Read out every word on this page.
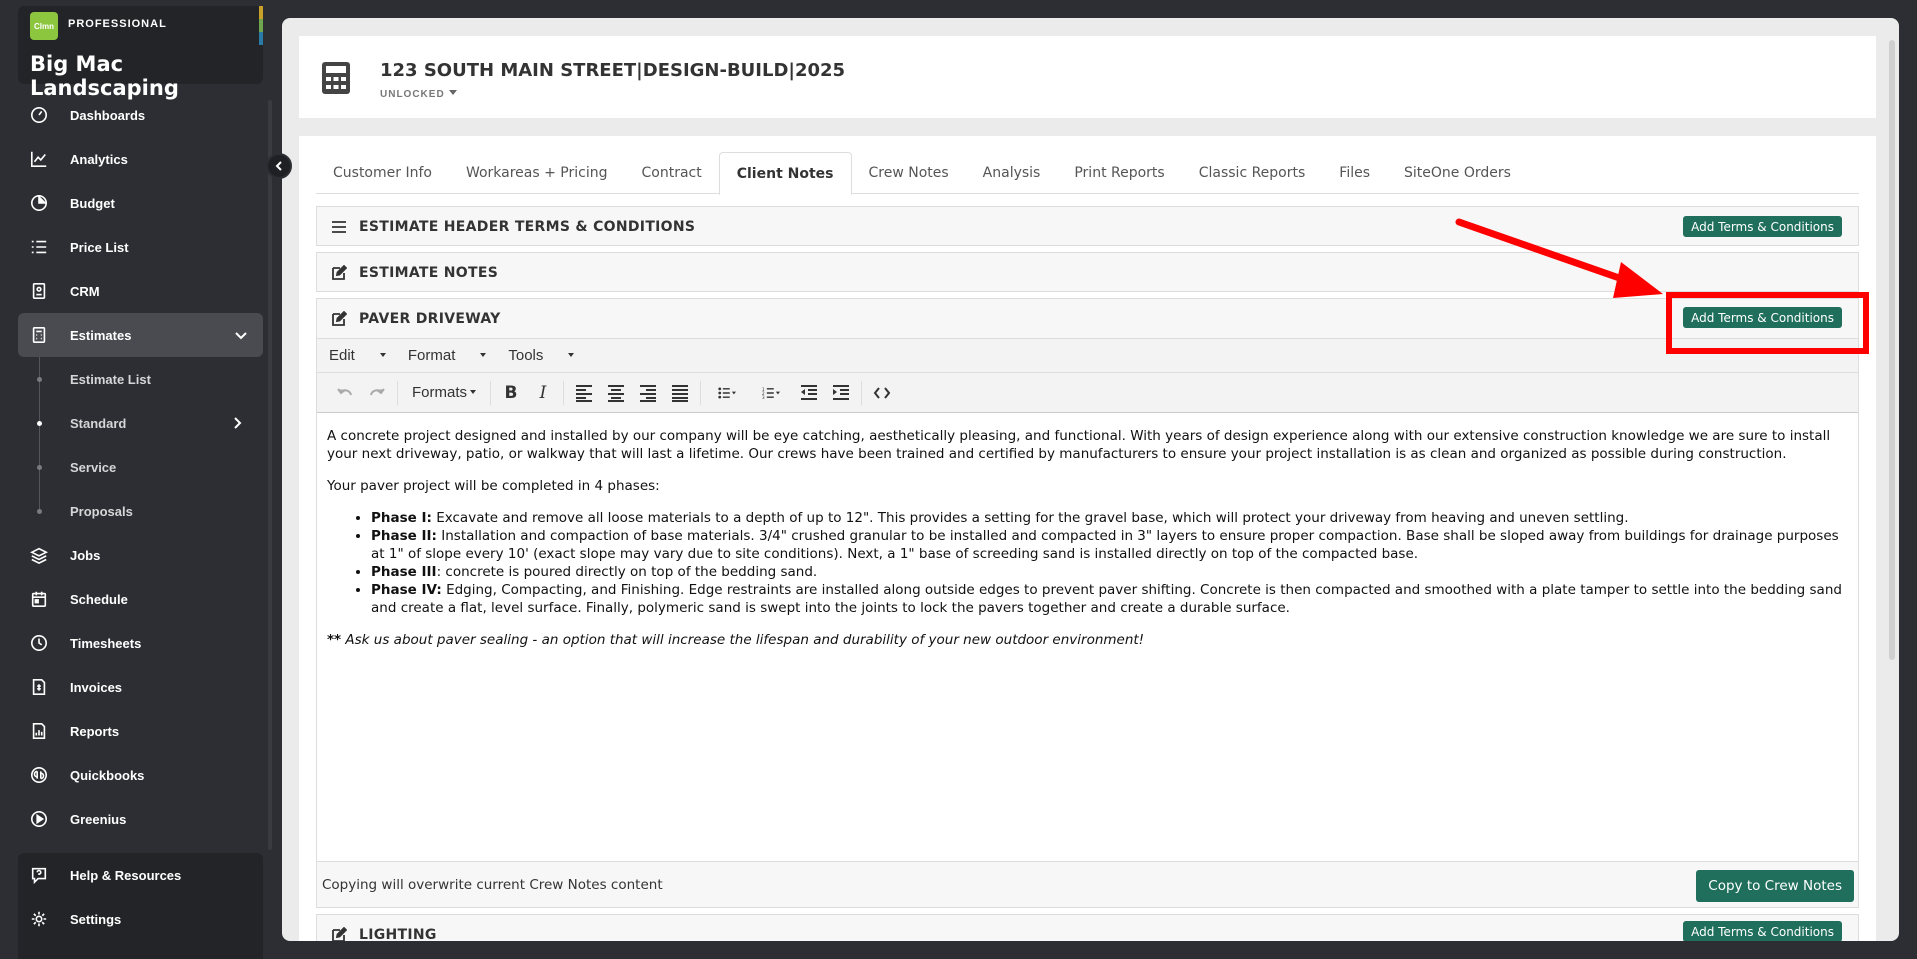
Clmn	PROFESSIONAL
Big Mac Landscaping
Dashboards
Analytics
Budget
Price List
CRM
Estimates
Estimate List
Standard
Service
Proposals
Jobs
Schedule
Timesheets
Invoices
Reports
Quickbooks
Greenius
Help & Resources
Settings
123 SOUTH MAIN STREET|DESIGN-BUILD|2025
UNLOCKED
Customer Info	Workareas + Pricing	Contract	Client Notes	Crew Notes	Analysis	Print Reports	Classic Reports	Files	SiteOne Orders
ESTIMATE HEADER TERMS & CONDITIONS	Add Terms & Conditions
ESTIMATE NOTES
PAVER DRIVEWAY	Add Terms & Conditions
Edit	Format	Tools
Formats	B I	1
2
3

A concrete project designed and installed by our company will be eye catching, aesthetically pleasing, and functional. With years of design experience along with our extensive construction knowledge we are sure to install your next driveway, patio, or walkway that will last a lifetime. Our crews have been trained and certified by manufacturers to ensure your project installation is as clean and organized as possible during construction.

Your paver project will be completed in 4 phases:

• Phase I: Excavate and remove all loose materials to a depth of up to 12". This provides a setting for the gravel base, which will protect your driveway from heaving and uneven settling.
• Phase II: Installation and compaction of base materials. 3/4" crushed granular to be installed and compacted in 3" layers to ensure proper compaction. Base shall be sloped away from buildings for drainage purposes at 1" of slope every 10' (exact slope may vary due to site conditions). Next, a 1" base of screeding sand is installed directly on top of the compacted base.
• Phase III: concrete is poured directly on top of the bedding sand.
• Phase IV: Edging, Compacting, and Finishing. Edge restraints are installed along outside edges to prevent paver shifting. Concrete is then compacted and smoothed with a plate tamper to settle into the bedding sand and create a flat, level surface. Finally, polymeric sand is swept into the joints to lock the pavers together and create a durable surface.

** Ask us about paver sealing - an option that will increase the lifespan and durability of your new outdoor environment!

Copying will overwrite current Crew Notes content	Copy to Crew Notes
LIGHTING	Add Terms & Conditions
